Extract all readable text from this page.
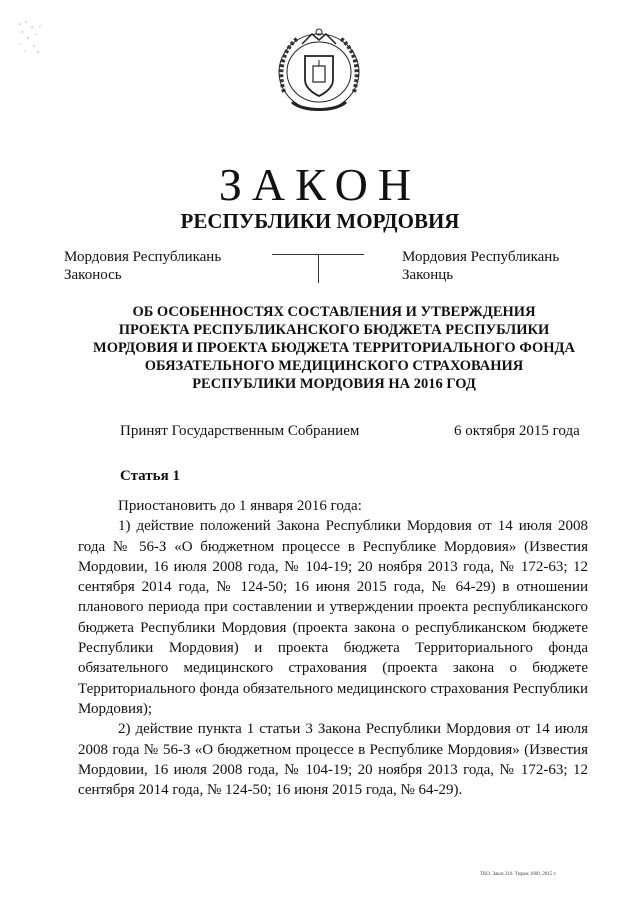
ЗАКОН
РЕСПУБЛИКИ МОРДОВИЯ
Мордовия Республикань
Законось
Мордовия Республикань
Законць
ОБ ОСОБЕННОСТЯХ СОСТАВЛЕНИЯ И УТВЕРЖДЕНИЯ
ПРОЕКТА РЕСПУБЛИКАНСКОГО БЮДЖЕТА РЕСПУБЛИКИ
МОРДОВИЯ И ПРОЕКТА БЮДЖЕТА ТЕРРИТОРИАЛЬНОГО ФОНДА
ОБЯЗАТЕЛЬНОГО МЕДИЦИНСКОГО СТРАХОВАНИЯ
РЕСПУБЛИКИ МОРДОВИЯ НА 2016 ГОД
Принят Государственным Собранием	6 октября 2015 года
Статья 1

Приостановить до 1 января 2016 года:

1) действие положений Закона Республики Мордовия от 14 июля 2008 года № 56-З «О бюджетном процессе в Республике Мордовия» (Известия Мордовии, 16 июля 2008 года, № 104-19; 20 ноября 2013 года, № 172-63; 12 сентября 2014 года, № 124-50; 16 июня 2015 года, № 64-29) в отношении планового периода при составлении и утверждении проекта республиканского бюджета Республики Мордовия (проекта закона о республиканском бюджете Республики Мордовия) и проекта бюджета Территориального фонда обязательного медицинского страхования (проекта закона о бюджете Территориального фонда обязательного медицинского страхования Республики Мордовия);

2) действие пункта 1 статьи 3 Закона Республики Мордовия от 14 июля 2008 года № 56-З «О бюджетном процессе в Республике Мордовия» (Известия Мордовии, 16 июля 2008 года, № 104-19; 20 ноября 2013 года, № 172-63; 12 сентября 2014 года, № 124-50; 16 июня 2015 года, № 64-29).

ТКО. Заказ 210. Тираж 1600. 2015 г.
